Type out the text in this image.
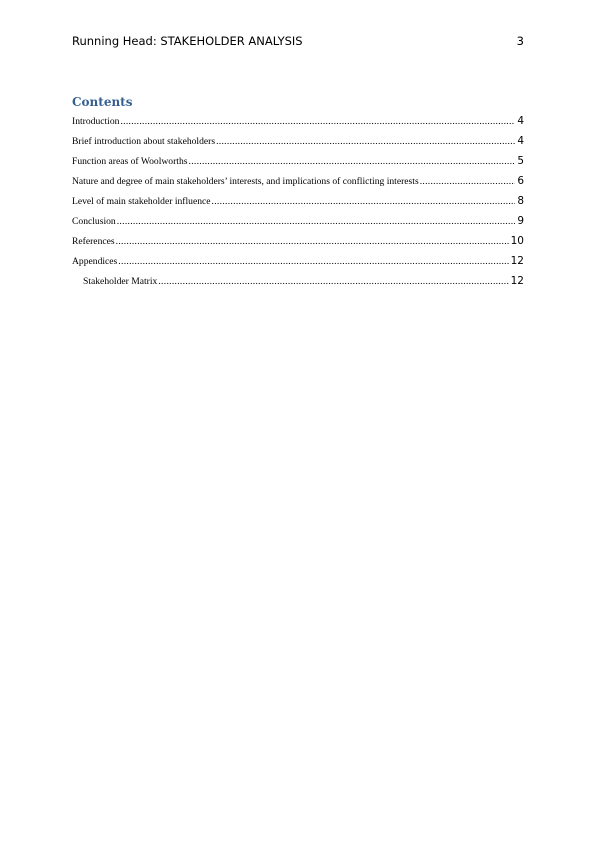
Running Head: STAKEHOLDER ANALYSIS	3
Contents
Introduction .....	4
Brief introduction about stakeholders .....	4
Function areas of Woolworths .....	5
Nature and degree of main stakeholders’ interests, and implications of conflicting interests .....	6
Level of main stakeholder influence .....	8
Conclusion .....	9
References .....	10
Appendices .....	12
Stakeholder Matrix .....	12
